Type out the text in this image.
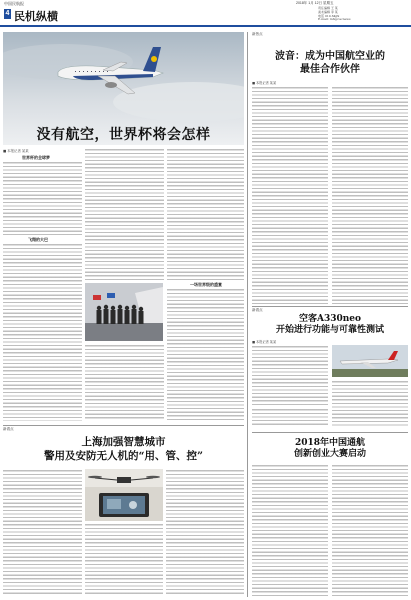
中国民航报	2018年 1月 12日 星期五
4 民机纵横
责任编辑 王 某
美术编辑 李 某
电话 010-6409
E-mail: mh@cacnews
没有航空，世界杯将会怎样
■ 本报记者 某某
世界杯的全球梦
飞翔的大巴
一场世界级的盛宴
新热点
波音：成为中国航空业的
最佳合作伙伴
■ 本报记者 某某
新看点
空客A330neo
开始进行功能与可靠性测试
■ 本报记者 某某
2018年中国通航
创新创业大赛启动
新看点
上海加强智慧城市
警用及安防无人机的“用、管、控”
